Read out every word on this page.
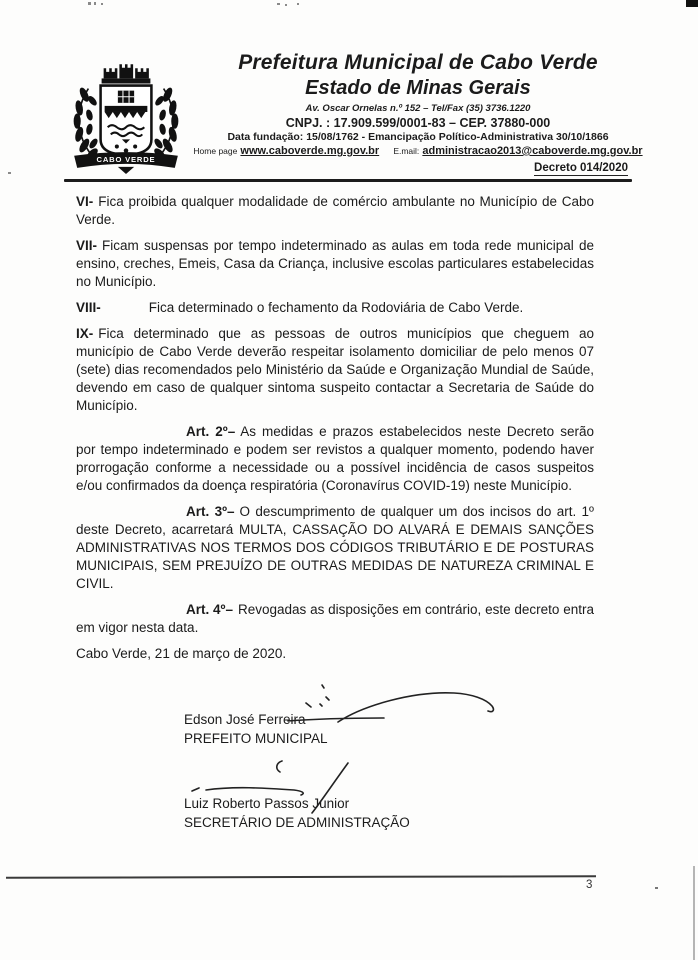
CABO VERDE
Prefeitura Municipal de Cabo Verde
Estado de Minas Gerais
Av. Oscar Ornelas n.º 152 – Tel/Fax (35) 3736.1220
CNPJ. : 17.909.599/0001-83 – CEP. 37880-000
Data fundação: 15/08/1762 - Emancipação Político-Administrativa 30/10/1866
Home page www.caboverde.mg.gov.br E.mail: administracao2013@caboverde.mg.gov.br
Decreto 014/2020

VI- Fica proibida qualquer modalidade de comércio ambulante no Município de Cabo Verde.

VII- Ficam suspensas por tempo indeterminado as aulas em toda rede municipal de ensino, creches, Emeis, Casa da Criança, inclusive escolas particulares estabelecidas no Município.

VIII-	Fica determinado o fechamento da Rodoviária de Cabo Verde.

IX- Fica determinado que as pessoas de outros municípios que cheguem ao município de Cabo Verde deverão respeitar isolamento domiciliar de pelo menos 07 (sete) dias recomendados pelo Ministério da Saúde e Organização Mundial de Saúde, devendo em caso de qualquer sintoma suspeito contactar a Secretaria de Saúde do Município.

Art. 2º– As medidas e prazos estabelecidos neste Decreto serão por tempo indeterminado e podem ser revistos a qualquer momento, podendo haver prorrogação conforme a necessidade ou a possível incidência de casos suspeitos e/ou confirmados da doença respiratória (Coronavírus COVID-19) neste Município.

Art. 3º– O descumprimento de qualquer um dos incisos do art. 1º deste Decreto, acarretará MULTA, CASSAÇÃO DO ALVARÁ E DEMAIS SANÇÕES ADMINISTRATIVAS NOS TERMOS DOS CÓDIGOS TRIBUTÁRIO E DE POSTURAS MUNICIPAIS, SEM PREJUÍZO DE OUTRAS MEDIDAS DE NATUREZA CRIMINAL E CIVIL.

Art. 4º– Revogadas as disposições em contrário, este decreto entra em vigor nesta data.

Cabo Verde, 21 de março de 2020.

Edson José Ferreira
PREFEITO MUNICIPAL
Luiz Roberto Passos Junior
SECRETÁRIO DE ADMINISTRAÇÃO
3
